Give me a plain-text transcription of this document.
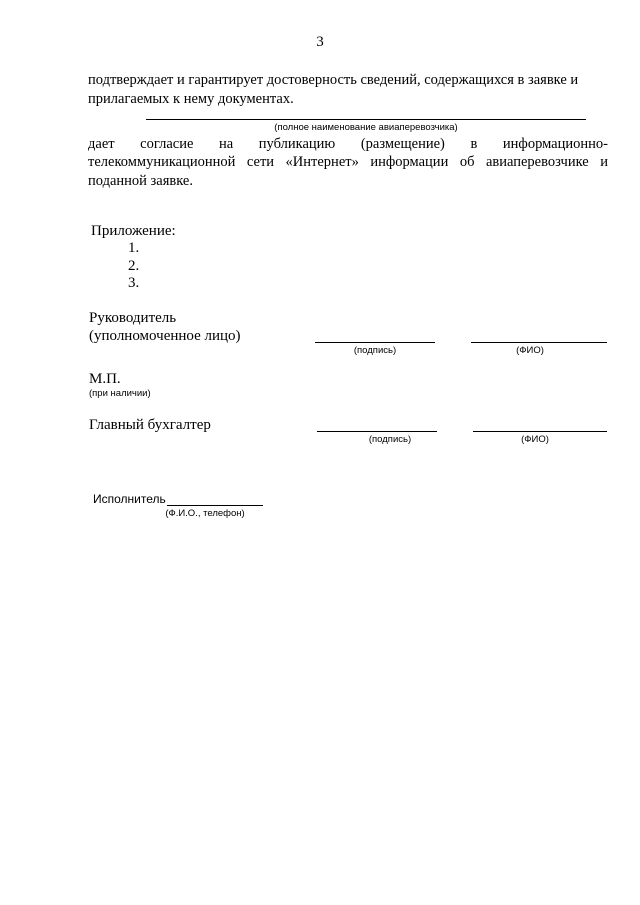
3
подтверждает и гарантирует достоверность сведений, содержащихся в заявке и
прилагаемых к нему документах.
(полное наименование авиаперевозчика)
дает согласие на публикацию (размещение) в информационно-
телекоммуникационной сети «Интернет» информации об авиаперевозчике и
поданной заявке.
Приложение:
1.
2.
3.
Руководитель
(уполномоченное лицо)
(подпись)	(ФИО)
М.П.
(при наличии)
Главный бухгалтер
(подпись)	(ФИО)
Исполнитель
(Ф.И.О., телефон)
